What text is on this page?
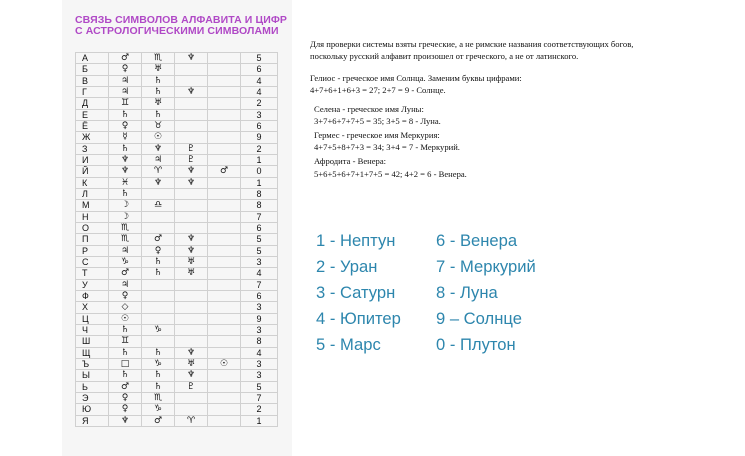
СВЯЗЬ СИМВОЛОВ АЛФАВИТА И ЦИФР
С АСТРОЛОГИЧЕСКИМИ СИМВОЛАМИ
А	♂	♏	♆		5
Б	♀	♅			6
В	♃	♄			4
Г	♃	♄	♆		4
Д	♊	♅			2
Е	♄	♄			3
Ё	♀	♉			6
Ж	☿	☉			9
З	♄	♆	♇		2
И	♆	♃	♇		1
Й	♆	♈	♆	♂	0
К	♓	♆	♆		1
Л	♄				8
М	☽	♎			8
Н	☽				7
О	♏				6
П	♏	♂	♆		5
Р	♃	♀	♆		5
С	♑	♄	♅		3
Т	♂	♄	♅		4
У	♃				7
Ф	♀				6
Х	◇				3
Ц	☉				9
Ч	♄	♑			3
Ш	♊				8
Щ	♄	♄	♆		4
Ъ	□	♑	♅	☉	3
Ы	♄	♄	♆		3
Ь	♂	♄	♇		5
Э	♀	♏			7
Ю	♀	♑			2
Я	♆	♂	♈		1
Для проверки системы взяты греческие, а не римские названия соответствующих богов,
поскольку русский алфавит произошел от греческого, а не от латинского.
Гелиос - греческое имя Солнца. Заменим буквы цифрами:
4+7+6+1+6+3 = 27; 2+7 = 9 - Солнце.
Селена - греческое имя Луны:
3+7+6+7+7+5 = 35; 3+5 = 8 - Луна.
Гермес - греческое имя Меркурия:
4+7+5+8+7+3 = 34; 3+4 = 7 - Меркурий.
Афродита - Венера:
5+6+5+6+7+1+7+5 = 42; 4+2 = 6 - Венера.
1 - Нептун
2 - Уран
3 - Сатурн
4 - Юпитер
5 - Марс
6 - Венера
7 - Меркурий
8 - Луна
9 – Солнце
0 - Плутон
